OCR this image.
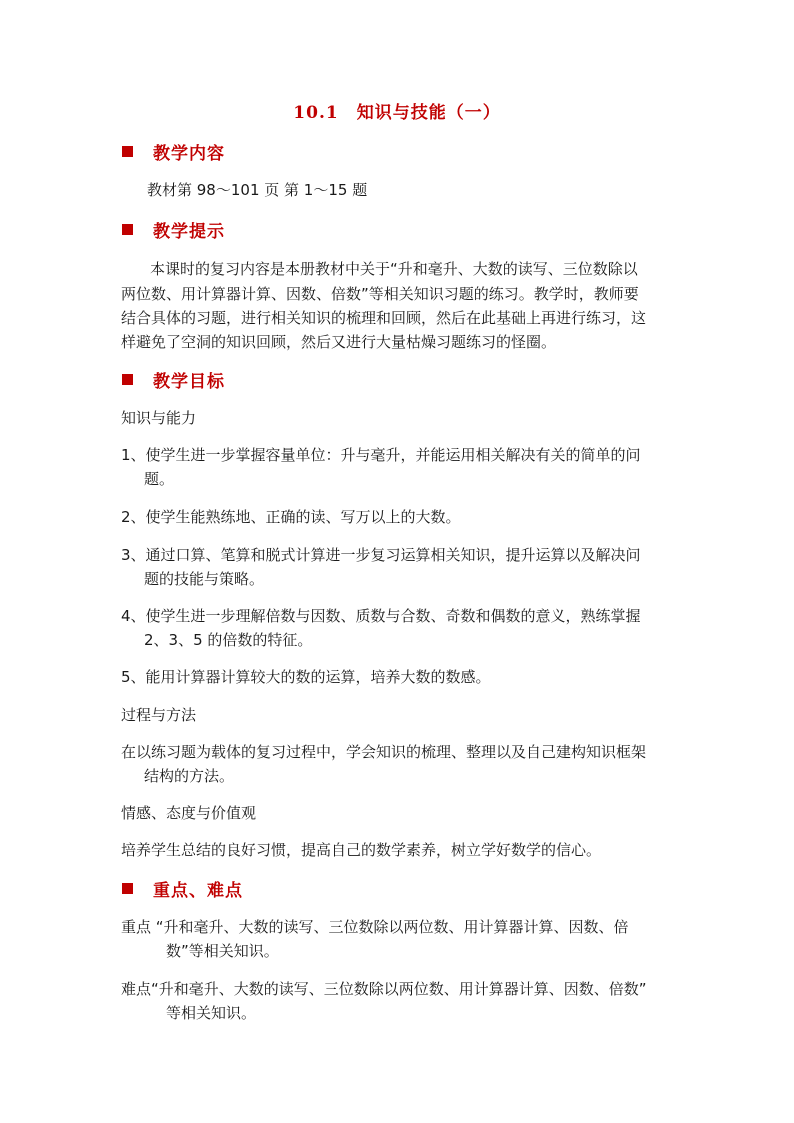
10.1　知识与技能（一）
教学内容
教材第 98～101 页 第 1～15 题
教学提示
本课时的复习内容是本册教材中关于“升和毫升、大数的读写、三位数除以
两位数、用计算器计算、因数、倍数”等相关知识习题的练习。教学时，教师要
结合具体的习题，进行相关知识的梳理和回顾，然后在此基础上再进行练习，这
样避免了空洞的知识回顾，然后又进行大量枯燥习题练习的怪圈。
教学目标
知识与能力
1、使学生进一步掌握容量单位：升与毫升，并能运用相关解决有关的简单的问
题。
2、使学生能熟练地、正确的读、写万以上的大数。
3、通过口算、笔算和脱式计算进一步复习运算相关知识，提升运算以及解决问
题的技能与策略。
4、使学生进一步理解倍数与因数、质数与合数、奇数和偶数的意义，熟练掌握
2、3、5 的倍数的特征。
5、能用计算器计算较大的数的运算，培养大数的数感。
过程与方法
在以练习题为载体的复习过程中，学会知识的梳理、整理以及自己建构知识框架
结构的方法。
情感、态度与价值观
培养学生总结的良好习惯，提高自己的数学素养，树立学好数学的信心。
重点、难点
重点 “升和毫升、大数的读写、三位数除以两位数、用计算器计算、因数、倍
数”等相关知识。
难点“升和毫升、大数的读写、三位数除以两位数、用计算器计算、因数、倍数”
等相关知识。
